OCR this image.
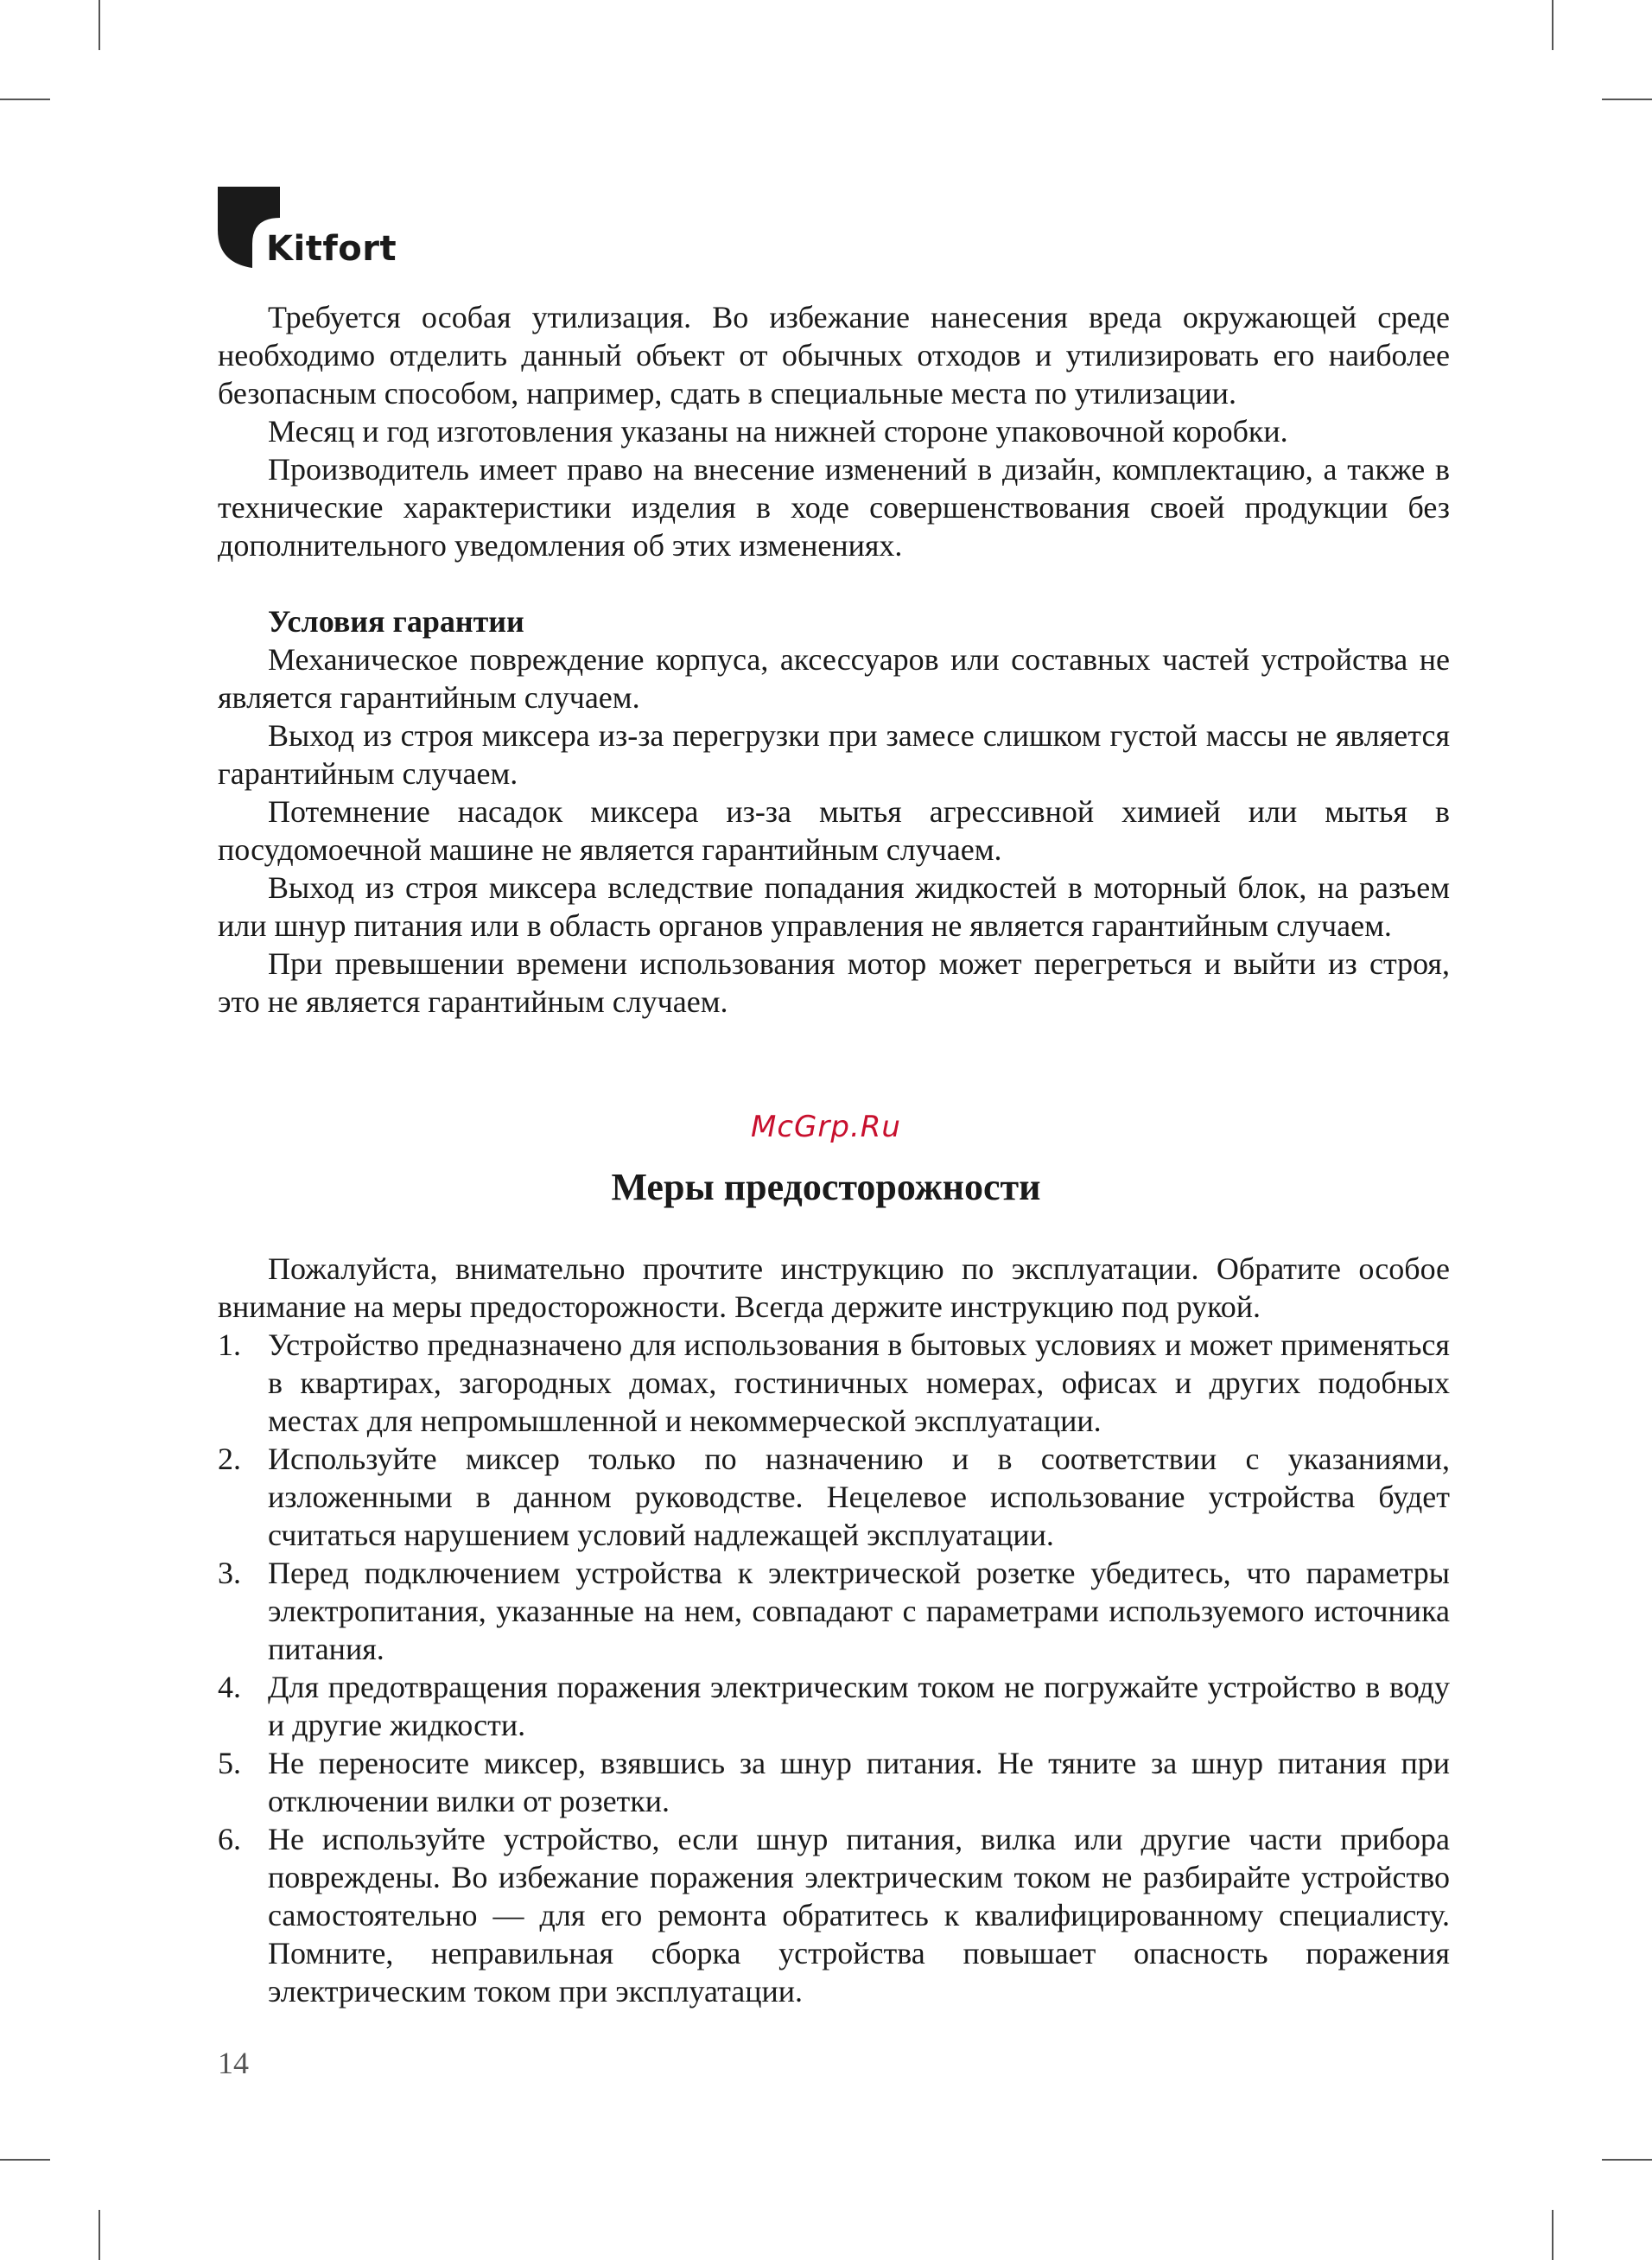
Kitfort

Требуется особая утилизация. Во избежание нанесения вреда окружающей среде необходимо отделить данный объект от обычных отходов и утилизировать его наиболее безопасным способом, например, сдать в специальные места по утилизации.

Месяц и год изготовления указаны на нижней стороне упаковочной коробки.

Производитель имеет право на внесение изменений в дизайн, комплектацию, а также в технические характеристики изделия в ходе совершенствования своей продукции без дополнительного уведомления об этих изменениях.

Условия гарантии

Механическое повреждение корпуса, аксессуаров или составных частей устройства не является гарантийным случаем.

Выход из строя миксера из-за перегрузки при замесе слишком густой массы не является гарантийным случаем.

Потемнение насадок миксера из-за мытья агрессивной химией или мытья в посудомоечной машине не является гарантийным случаем.

Выход из строя миксера вследствие попадания жидкостей в моторный блок, на разъем или шнур питания или в область органов управления не является гарантийным случаем.

При превышении времени использования мотор может перегреться и выйти из строя, это не является гарантийным случаем.

McGrp.Ru
Меры предосторожности

Пожалуйста, внимательно прочтите инструкцию по эксплуатации. Обратите особое внимание на меры предосторожности. Всегда держите инструкцию под рукой.

1. Устройство предназначено для использования в бытовых условиях и может применяться в квартирах, загородных домах, гостиничных номерах, офисах и других подобных местах для непромышленной и некоммерческой эксплуатации.
2. Используйте миксер только по назначению и в соответствии с указаниями, изложенными в данном руководстве. Нецелевое использование устройства будет считаться нарушением условий надлежащей эксплуатации.
3. Перед подключением устройства к электрической розетке убедитесь, что параметры электропитания, указанные на нем, совпадают с параметрами используемого источника питания.
4. Для предотвращения поражения электрическим током не погружайте устройство в воду и другие жидкости.
5. Не переносите миксер, взявшись за шнур питания. Не тяните за шнур питания при отключении вилки от розетки.
6. Не используйте устройство, если шнур питания, вилка или другие части прибора повреждены. Во избежание поражения электрическим током не разбирайте устройство самостоятельно — для его ремонта обратитесь к квалифицированному специалисту. Помните, неправильная сборка устройства повышает опасность поражения электрическим током при эксплуатации.
14
